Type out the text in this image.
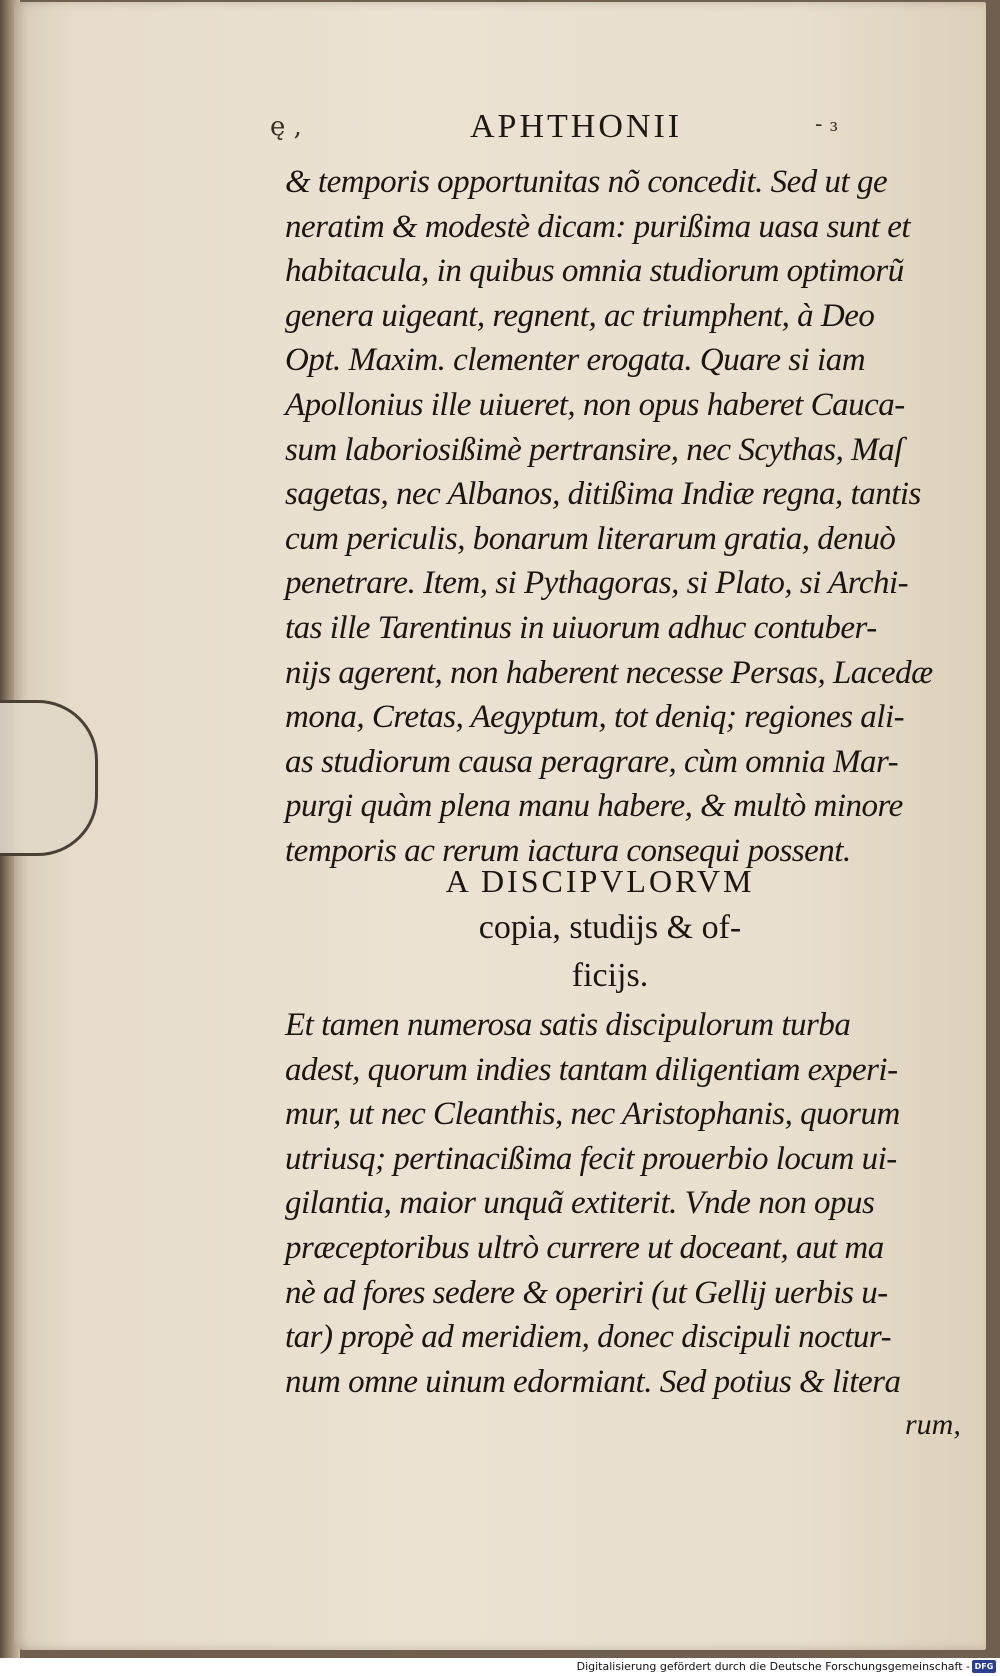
ę ,	APHTHONII	- ₃
& temporis opportunitas nõ concedit. Sed ut ge
neratim & modestè dicam: purißima uasa sunt et
habitacula, in quibus omnia studiorum optimorũ
genera uigeant, regnent, ac triumphent, à Deo
Opt. Maxim. clementer erogata. Quare si iam
Apollonius ille uiueret, non opus haberet Cauca-
sum laboriosißimè pertransire, nec Scythas, Maſ
sagetas, nec Albanos, ditißima Indiæ regna, tantis
cum periculis, bonarum literarum gratia, denuò
penetrare. Item, si Pythagoras, si Plato, si Archi-
tas ille Tarentinus in uiuorum adhuc contuber-
nijs agerent, non haberent necesse Persas, Lacedæ
mona, Cretas, Aegyptum, tot deniq; regiones ali-
as studiorum causa peragrare, cùm omnia Mar-
purgi quàm plena manu habere, & multò minore
temporis ac rerum iactura consequi possent.
A DISCIPVLORVM
copia, studijs & of-
ficijs.
Et tamen numerosa satis discipulorum turba
adest, quorum indies tantam diligentiam experi-
mur, ut nec Cleanthis, nec Aristophanis, quorum
utriusq; pertinacißima fecit prouerbio locum ui-
gilantia, maior unquã extiterit. Vnde non opus
præceptoribus ultrò currere ut doceant, aut ma
nè ad fores sedere & operiri (ut Gellij uerbis u-
tar) propè ad meridiem, donec discipuli noctur-
num omne uinum edormiant. Sed potius & litera
rum,
Digitalisierung gefördert durch die Deutsche Forschungsgemeinschaft - DFG
